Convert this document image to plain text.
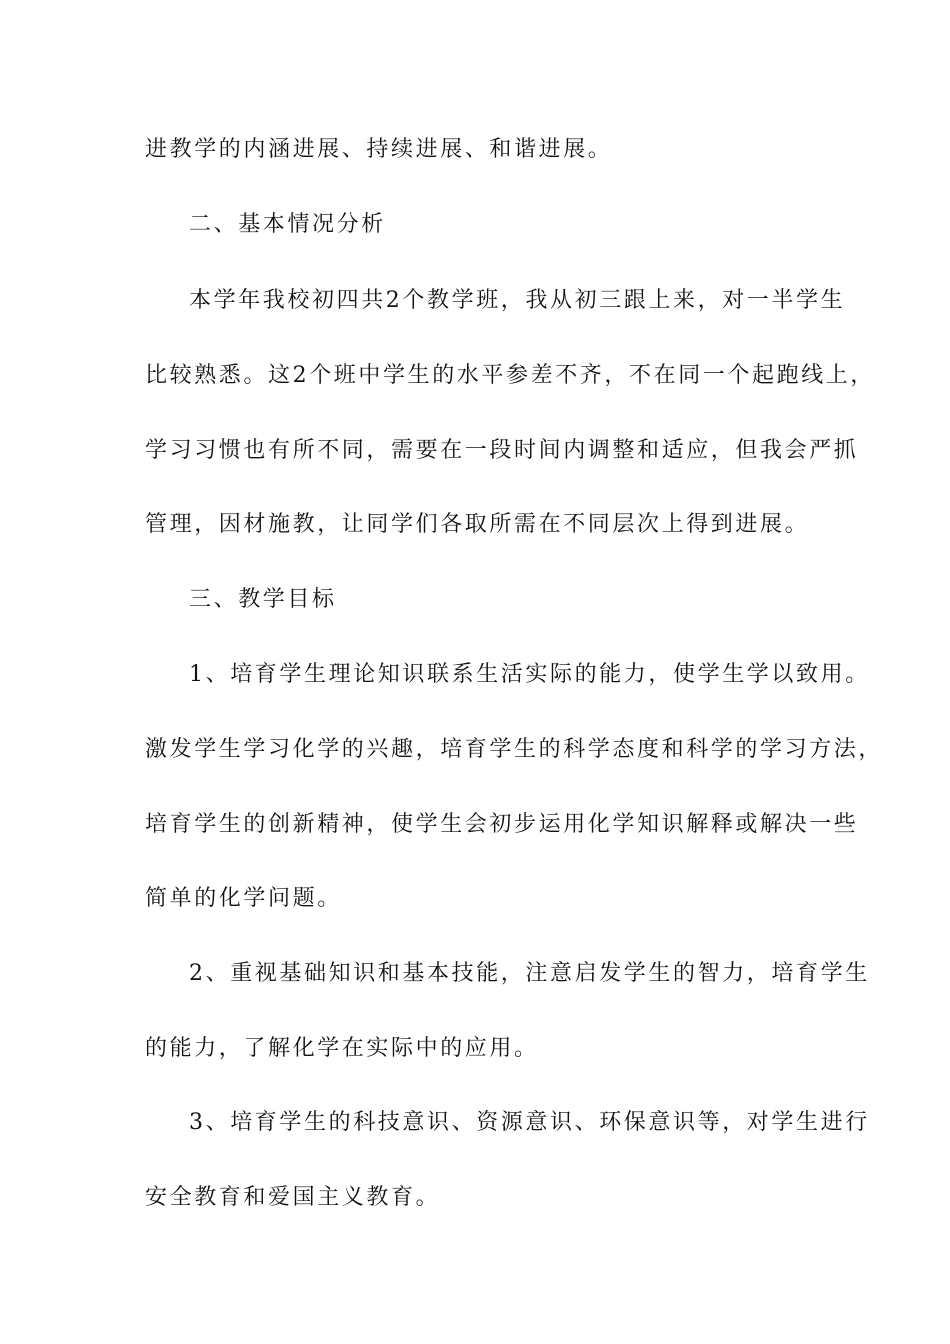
进教学的内涵进展、持续进展、和谐进展。
二、基本情况分析
本学年我校初四共2个教学班，我从初三跟上来，对一半学生
比较熟悉。这2个班中学生的水平参差不齐，不在同一个起跑线上，
学习习惯也有所不同，需要在一段时间内调整和适应，但我会严抓
管理，因材施教，让同学们各取所需在不同层次上得到进展。
三、教学目标
1、培育学生理论知识联系生活实际的能力，使学生学以致用。
激发学生学习化学的兴趣，培育学生的科学态度和科学的学习方法，
培育学生的创新精神，使学生会初步运用化学知识解释或解决一些
简单的化学问题。
2、重视基础知识和基本技能，注意启发学生的智力，培育学生
的能力，了解化学在实际中的应用。
3、培育学生的科技意识、资源意识、环保意识等，对学生进行
安全教育和爱国主义教育。
